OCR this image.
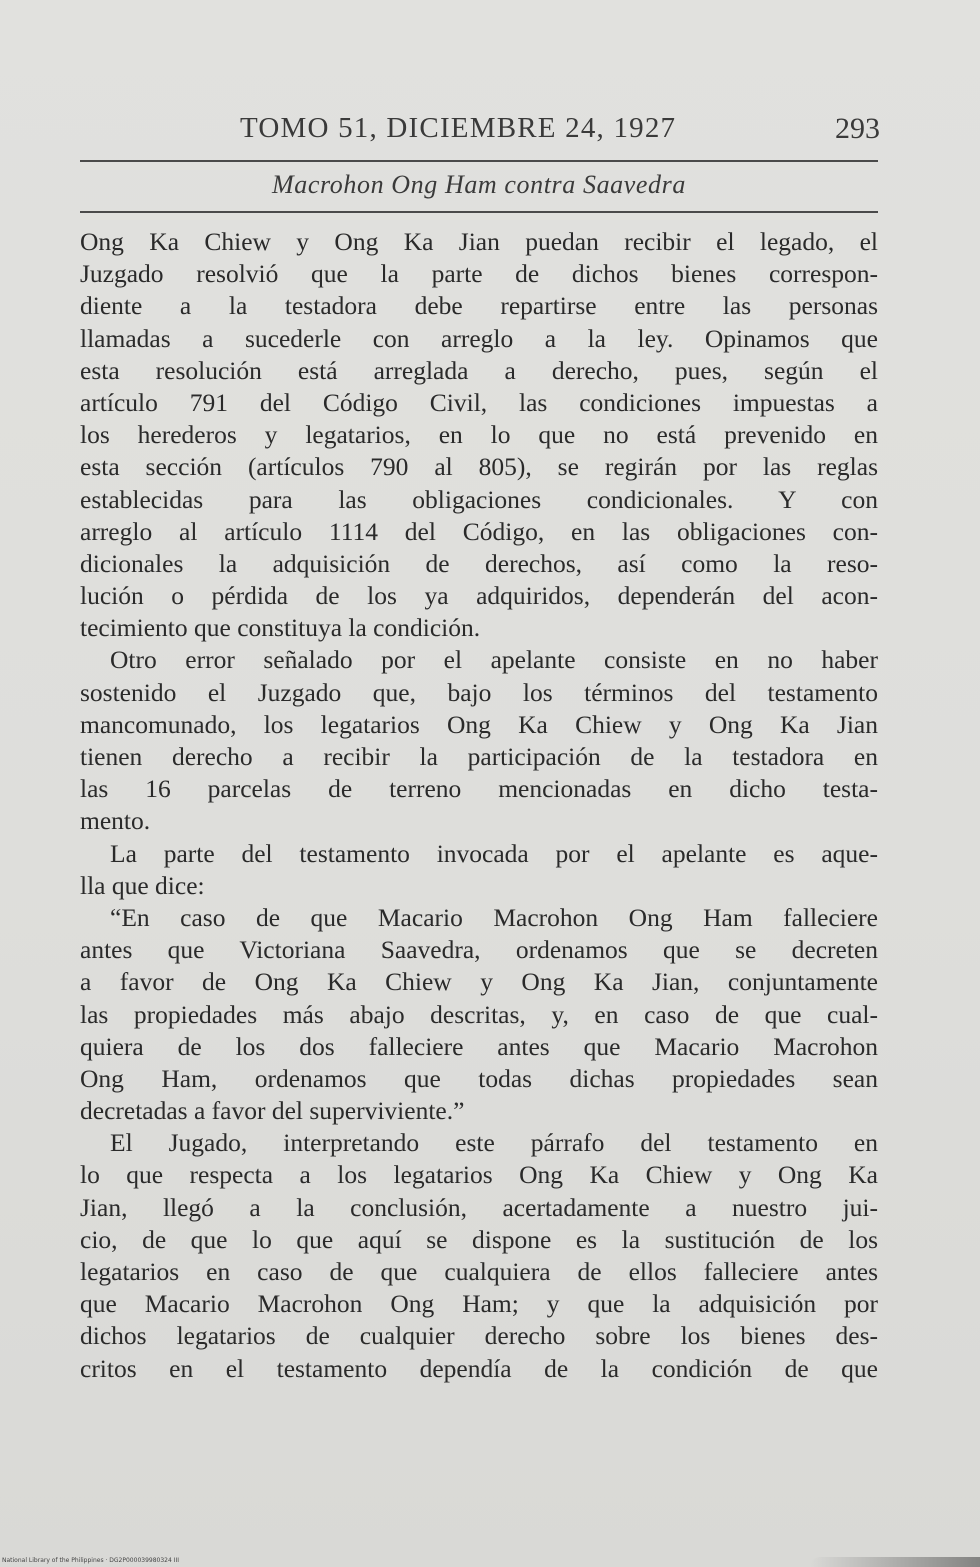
TOMO 51, DICIEMBRE 24, 1927	293
Macrohon Ong Ham contra Saavedra
Ong Ka Chiew y Ong Ka Jian puedan recibir el legado, el
Juzgado resolvió que la parte de dichos bienes correspon-
diente a la testadora debe repartirse entre las personas
llamadas a sucederle con arreglo a la ley. Opinamos que
esta resolución está arreglada a derecho, pues, según el
artículo 791 del Código Civil, las condiciones impuestas a
los herederos y legatarios, en lo que no está prevenido en
esta sección (artículos 790 al 805), se regirán por las reglas
establecidas para las obligaciones condicionales. Y con
arreglo al artículo 1114 del Código, en las obligaciones con-
dicionales la adquisición de derechos, así como la reso-
lución o pérdida de los ya adquiridos, dependerán del acon-
tecimiento que constituya la condición.
Otro error señalado por el apelante consiste en no haber
sostenido el Juzgado que, bajo los términos del testamento
mancomunado, los legatarios Ong Ka Chiew y Ong Ka Jian
tienen derecho a recibir la participación de la testadora en
las 16 parcelas de terreno mencionadas en dicho testa-
mento.
La parte del testamento invocada por el apelante es aque-
lla que dice:
“En caso de que Macario Macrohon Ong Ham falleciere
antes que Victoriana Saavedra, ordenamos que se decreten
a favor de Ong Ka Chiew y Ong Ka Jian, conjuntamente
las propiedades más abajo descritas, y, en caso de que cual-
quiera de los dos falleciere antes que Macario Macrohon
Ong Ham, ordenamos que todas dichas propiedades sean
decretadas a favor del superviviente.”
El Jugado, interpretando este párrafo del testamento en
lo que respecta a los legatarios Ong Ka Chiew y Ong Ka
Jian, llegó a la conclusión, acertadamente a nuestro jui-
cio, de que lo que aquí se dispone es la sustitución de los
legatarios en caso de que cualquiera de ellos falleciere antes
que Macario Macrohon Ong Ham; y que la adquisición por
dichos legatarios de cualquier derecho sobre los bienes des-
critos en el testamento dependía de la condición de que
National Library of the Philippines · DG2P000039980324 III
